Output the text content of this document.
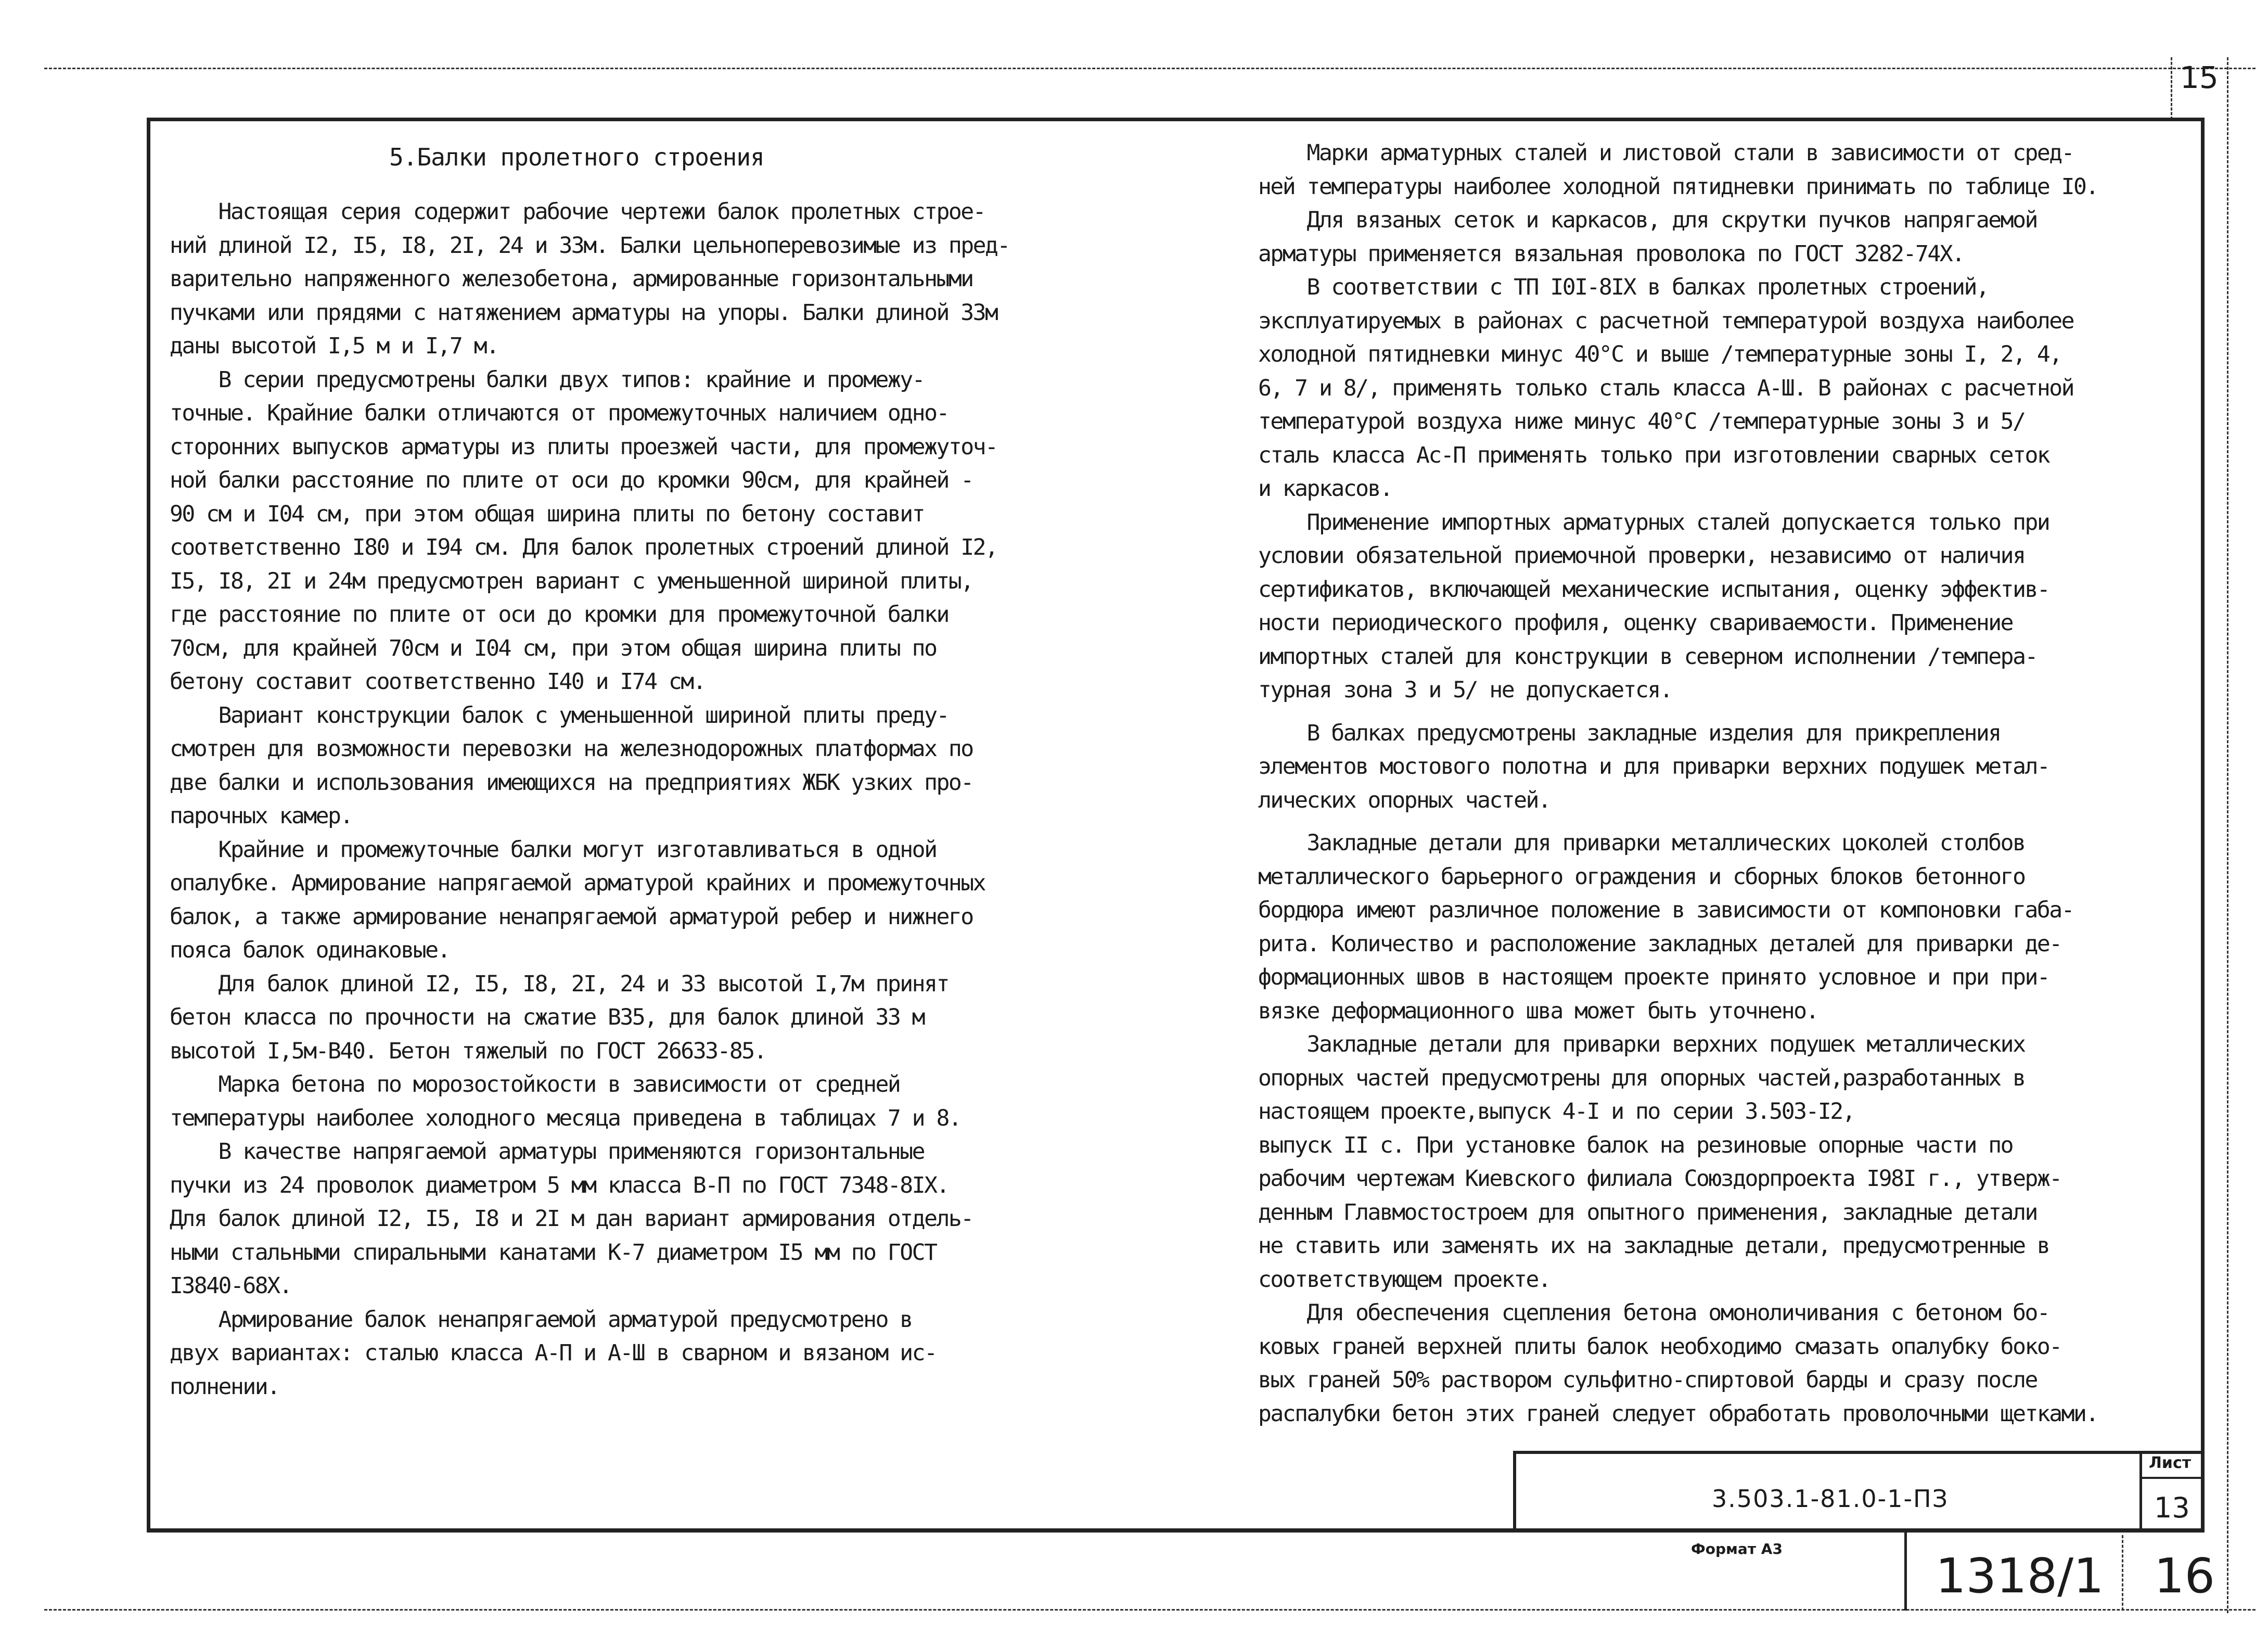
15
5.Балки пролетного строения
Настоящая серия содержит рабочие чертежи балок пролетных строе-
ний длиной I2, I5, I8, 2I, 24 и 33м. Балки цельноперевозимые из пред-
варительно напряженного железобетона, армированные горизонтальными
пучками или прядями с натяжением арматуры на упоры. Балки длиной 33м
даны высотой I,5 м и I,7 м.
В серии предусмотрены балки двух типов: крайние и промежу-
точные. Крайние балки отличаются от промежуточных наличием одно-
сторонних выпусков арматуры из плиты проезжей части, для промежуточ-
ной балки расстояние по плите от оси до кромки 90см, для крайней -
90 см и I04 см, при этом общая ширина плиты по бетону составит
соответственно I80 и I94 см. Для балок пролетных строений длиной I2,
I5, I8, 2I и 24м предусмотрен вариант с уменьшенной шириной плиты,
где расстояние по плите от оси до кромки для промежуточной балки
70см, для крайней 70см и I04 см, при этом общая ширина плиты по
бетону составит соответственно I40 и I74 см.
Вариант конструкции балок с уменьшенной шириной плиты преду-
смотрен для возможности перевозки на железнодорожных платформах по
две балки и использования имеющихся на предприятиях ЖБК узких про-
парочных камер.
Крайние и промежуточные балки могут изготавливаться в одной
опалубке. Армирование напрягаемой арматурой крайних и промежуточных
балок, а также армирование ненапрягаемой арматурой ребер и нижнего
пояса балок одинаковые.
Для балок длиной I2, I5, I8, 2I, 24 и 33 высотой I,7м принят
бетон класса по прочности на сжатие В35, для балок длиной 33 м
высотой I,5м-В40. Бетон тяжелый по ГОСТ 26633-85.
Марка бетона по морозостойкости в зависимости от средней
температуры наиболее холодного месяца приведена в таблицах 7 и 8.
В качестве напрягаемой арматуры применяются горизонтальные
пучки из 24 проволок диаметром 5 мм класса В-П по ГОСТ 7348-8IX.
Для балок длиной I2, I5, I8 и 2I м дан вариант армирования отдель-
ными стальными спиральными канатами К-7 диаметром I5 мм по ГОСТ
I3840-68X.
Армирование балок ненапрягаемой арматурой предусмотрено в
двух вариантах: сталью класса А-П и А-Ш в сварном и вязаном ис-
полнении.
Марки арматурных сталей и листовой стали в зависимости от сред-
ней температуры наиболее холодной пятидневки принимать по таблице I0.
Для вязаных сеток и каркасов, для скрутки пучков напрягаемой
арматуры применяется вязальная проволока по ГОСТ 3282-74X.
В соответствии с ТП I0I-8IX в балках пролетных строений,
эксплуатируемых в районах с расчетной температурой воздуха наиболее
холодной пятидневки минус 40°С и выше /температурные зоны I, 2, 4,
6, 7 и 8/, применять только сталь класса А-Ш. В районах с расчетной
температурой воздуха ниже минус 40°С /температурные зоны 3 и 5/
сталь класса Ас-П применять только при изготовлении сварных сеток
и каркасов.
Применение импортных арматурных сталей допускается только при
условии обязательной приемочной проверки, независимо от наличия
сертификатов, включающей механические испытания, оценку эффектив-
ности периодического профиля, оценку свариваемости. Применение
импортных сталей для конструкции в северном исполнении /темпера-
турная зона 3 и 5/ не допускается.
В балках предусмотрены закладные изделия для прикрепления
элементов мостового полотна и для приварки верхних подушек метал-
лических опорных частей.
Закладные детали для приварки металлических цоколей столбов
металлического барьерного ограждения и сборных блоков бетонного
бордюра имеют различное положение в зависимости от компоновки габа-
рита. Количество и расположение закладных деталей для приварки де-
формационных швов в настоящем проекте принято условное и при при-
вязке деформационного шва может быть уточнено.
Закладные детали для приварки верхних подушек металлических
опорных частей предусмотрены для опорных частей,разработанных в
настоящем проекте,выпуск 4-I и по серии 3.503-I2,
выпуск II с. При установке балок на резиновые опорные части по
рабочим чертежам Киевского филиала Союздорпроекта I98I г., утверж-
денным Главмостостроем для опытного применения, закладные детали
не ставить или заменять их на закладные детали, предусмотренные в
соответствующем проекте.
Для обеспечения сцепления бетона омоноличивания с бетоном бо-
ковых граней верхней плиты балок необходимо смазать опалубку боко-
вых граней 50% раствором сульфитно-спиртовой барды и сразу после
распалубки бетон этих граней следует обработать проволочными щетками.
3.503.1-81.0-1-ПЗ
Лист
13
Формат А3	1318/1 16
